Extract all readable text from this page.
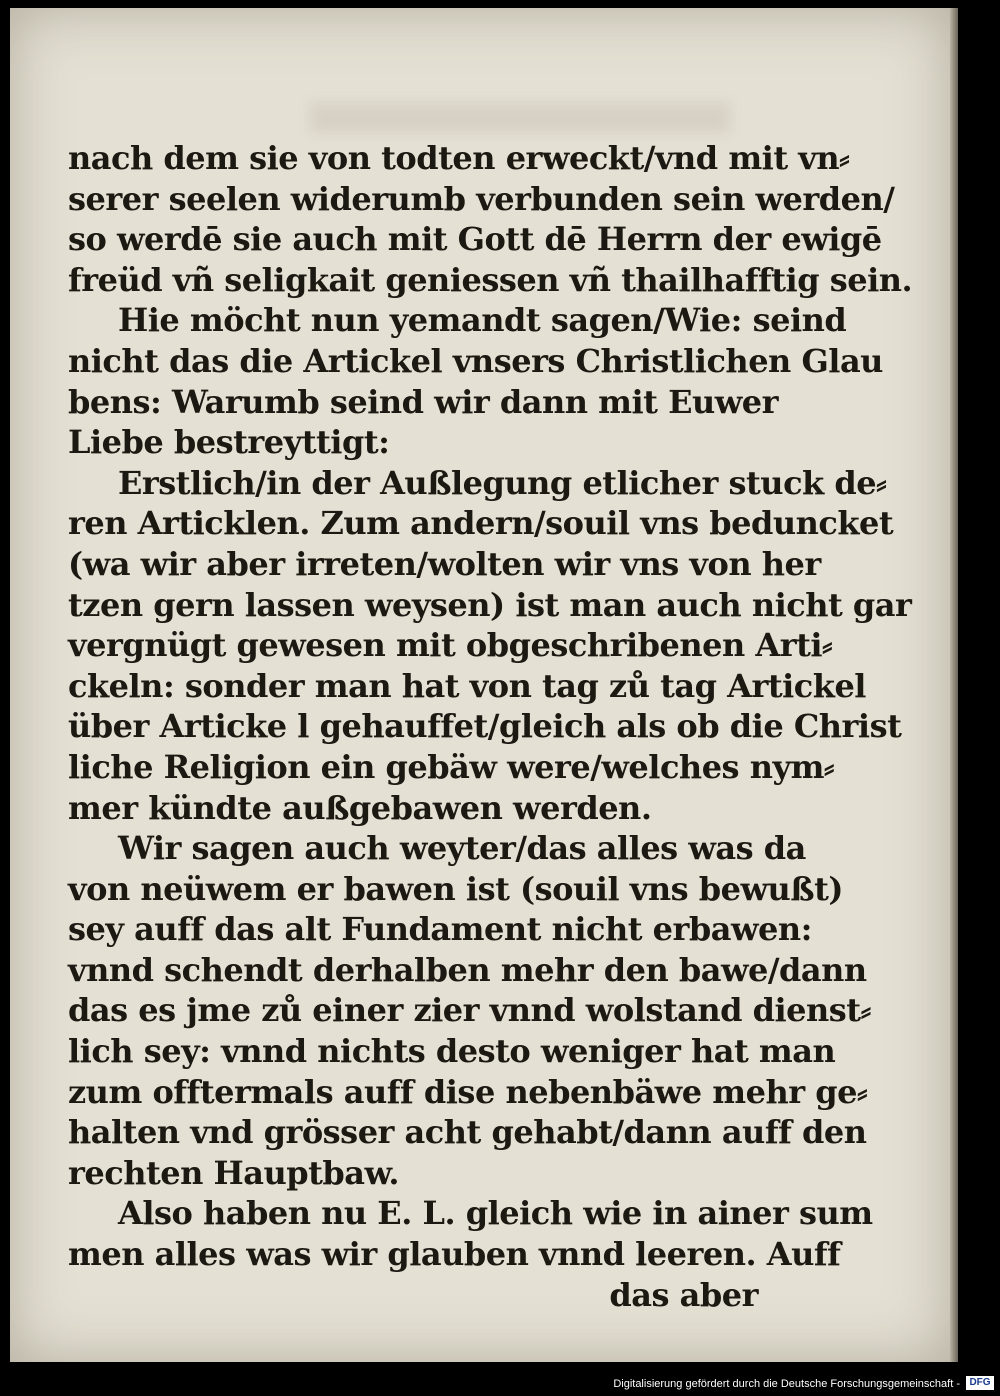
nach dem sie von todten erweckt/vnd mit vn⸗
serer seelen widerumb verbunden sein werden/
so werdē sie auch mit Gott dē Herrn der ewigē
freüd vñ seligkait geniessen vñ thailhafftig sein.
Hie möcht nun yemandt sagen/Wie: seind
nicht das die Artickel vnsers Christlichen Glau
bens: Warumb seind wir dann mit Euwer
Liebe bestreyttigt:
Erstlich/in der Außlegung etlicher stuck de⸗
ren Articklen. Zum andern/souil vns beduncket
(wa wir aber irreten/wolten wir vns von her
tzen gern lassen weysen) ist man auch nicht gar
vergnügt gewesen mit obgeschribenen Arti⸗
ckeln: sonder man hat von tag zů tag Artickel
über Articke l gehauffet/gleich als ob die Christ
liche Religion ein gebäw were/welches nym⸗
mer kündte außgebawen werden.
Wir sagen auch weyter/das alles was da
von neüwem er bawen ist (souil vns bewußt)
sey auff das alt Fundament nicht erbawen:
vnnd schendt derhalben mehr den bawe/dann
das es jme zů einer zier vnnd wolstand dienst⸗
lich sey: vnnd nichts desto weniger hat man
zum offtermals auff dise nebenbäwe mehr ge⸗
halten vnd grösser acht gehabt/dann auff den
rechten Hauptbaw.
Also haben nu E. L. gleich wie in ainer sum
men alles was wir glauben vnnd leeren. Auff
das aber
Digitalisierung gefördert durch die Deutsche Forschungsgemeinschaft - DFG
